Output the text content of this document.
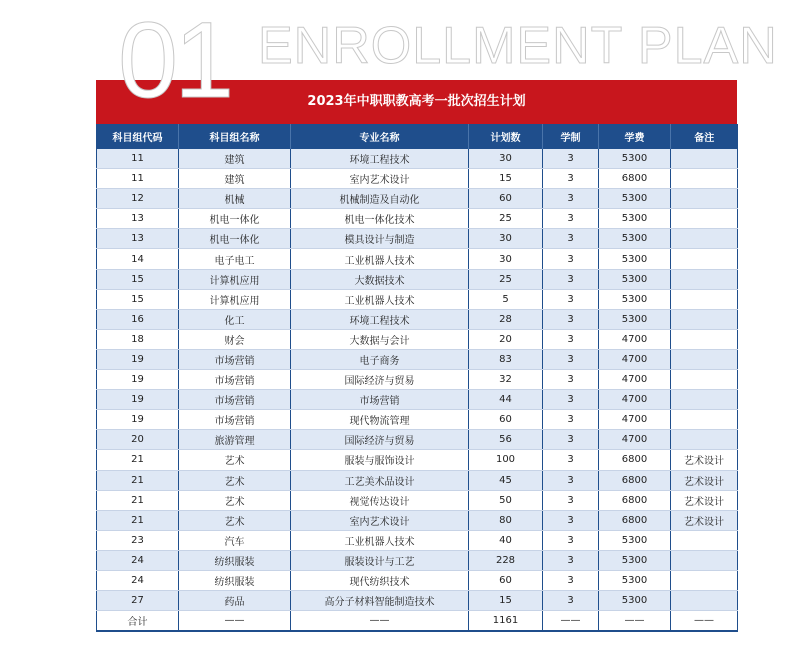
01 ENROLLMENT PLAN
2023年中职职教高考一批次招生计划
科目组代码	科目组名称	专业名称	计划数	学制	学费	备注
11	建筑	环境工程技术	30	3	5300	
11	建筑	室内艺术设计	15	3	6800	
12	机械	机械制造及自动化	60	3	5300	
13	机电一体化	机电一体化技术	25	3	5300	
13	机电一体化	模具设计与制造	30	3	5300	
14	电子电工	工业机器人技术	30	3	5300	
15	计算机应用	大数据技术	25	3	5300	
15	计算机应用	工业机器人技术	5	3	5300	
16	化工	环境工程技术	28	3	5300	
18	财会	大数据与会计	20	3	4700	
19	市场营销	电子商务	83	3	4700	
19	市场营销	国际经济与贸易	32	3	4700	
19	市场营销	市场营销	44	3	4700	
19	市场营销	现代物流管理	60	3	4700	
20	旅游管理	国际经济与贸易	56	3	4700	
21	艺术	服装与服饰设计	100	3	6800	艺术设计
21	艺术	工艺美术品设计	45	3	6800	艺术设计
21	艺术	视觉传达设计	50	3	6800	艺术设计
21	艺术	室内艺术设计	80	3	6800	艺术设计
23	汽车	工业机器人技术	40	3	5300	
24	纺织服装	服装设计与工艺	228	3	5300	
24	纺织服装	现代纺织技术	60	3	5300	
27	药品	高分子材料智能制造技术	15	3	5300	
合计	——	——	1161	——	——	——
